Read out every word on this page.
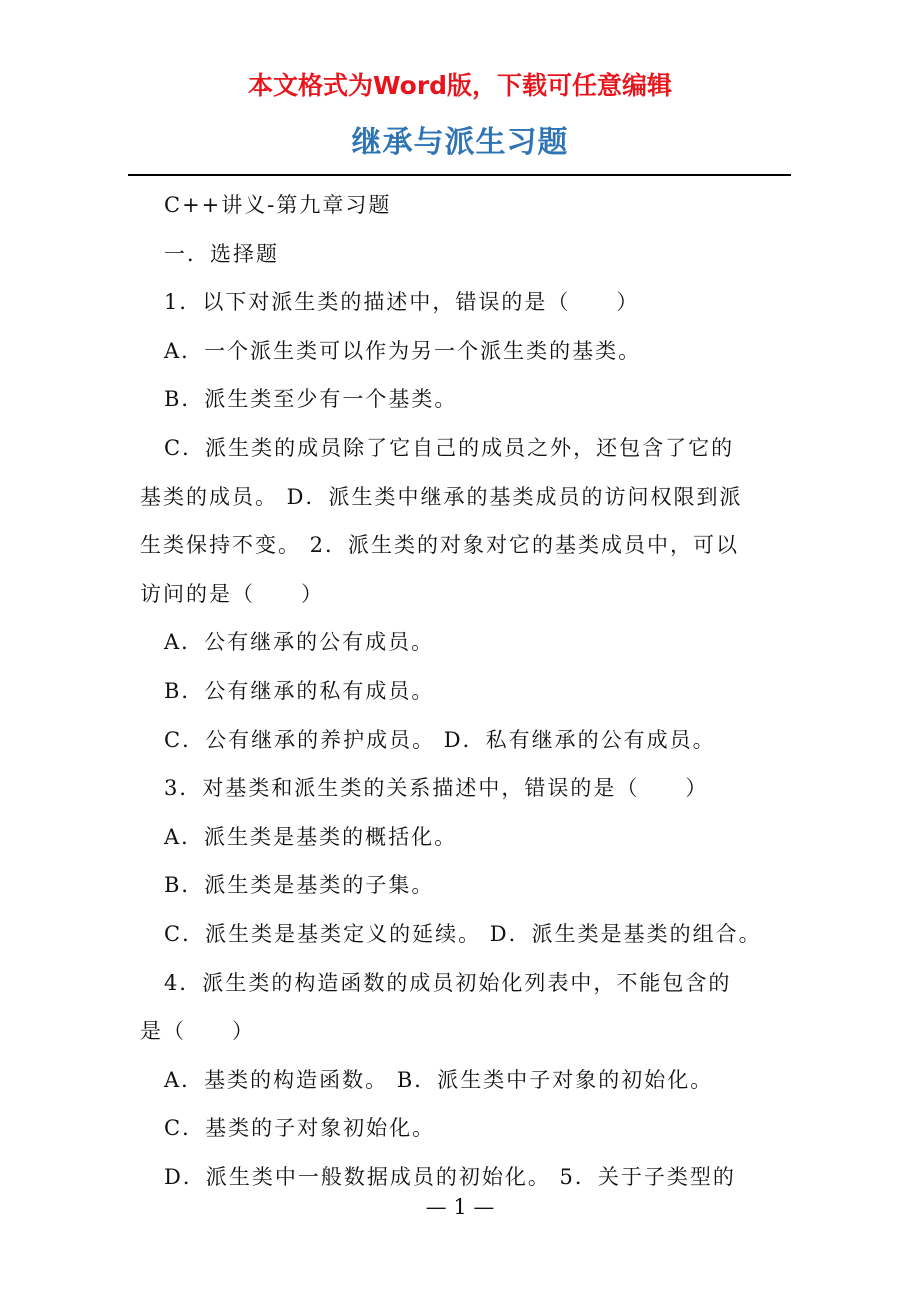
本文格式为Word版，下载可任意编辑
继承与派生习题

C++讲义-第九章习题

一．选择题

1．以下对派生类的描述中，错误的是（　　）

A．一个派生类可以作为另一个派生类的基类。

B．派生类至少有一个基类。

C．派生类的成员除了它自己的成员之外，还包含了它的

基类的成员。 D．派生类中继承的基类成员的访问权限到派

生类保持不变。 2．派生类的对象对它的基类成员中，可以

访问的是（　　）

A．公有继承的公有成员。

B．公有继承的私有成员。

C．公有继承的养护成员。 D．私有继承的公有成员。

3．对基类和派生类的关系描述中，错误的是（　　）

A．派生类是基类的概括化。

B．派生类是基类的子集。

C．派生类是基类定义的延续。 D．派生类是基类的组合。

4．派生类的构造函数的成员初始化列表中，不能包含的

是（　　）

A．基类的构造函数。 B．派生类中子对象的初始化。

C．基类的子对象初始化。

D．派生类中一般数据成员的初始化。 5．关于子类型的

— 1 —
